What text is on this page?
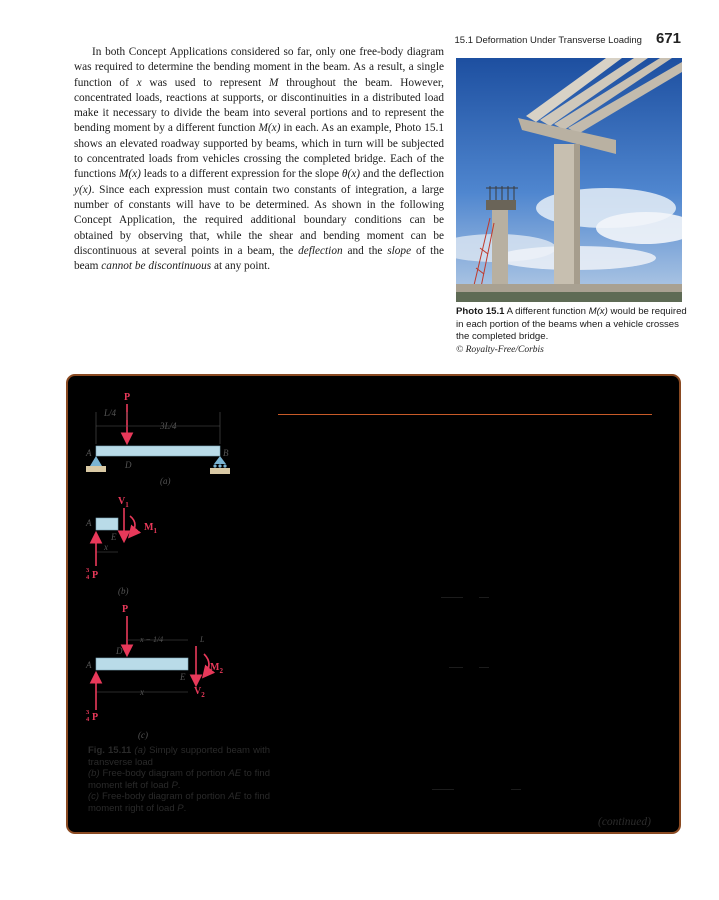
15.1 Deformation Under Transverse Loading 671

In both Concept Applications considered so far, only one free-body diagram was required to determine the bending moment in the beam. As a result, a single function of x was used to represent M throughout the beam. However, concentrated loads, reactions at supports, or discontinuities in a distributed load make it necessary to divide the beam into several portions and to represent the bending moment by a different function M(x) in each. As an example, Photo 15.1 shows an elevated roadway supported by beams, which in turn will be subjected to concentrated loads from vehicles crossing the completed bridge. Each of the functions M(x) leads to a different expression for the slope θ(x) and the deflection y(x). Since each expression must contain two constants of integration, a large number of constants will have to be determined. As shown in the following Concept Application, the required additional boundary conditions can be obtained by observing that, while the shear and bending moment can be discontinuous at several points in a beam, the deflection and the slope of the beam cannot be discontinuous at any point.

Photo 15.1 A different function M(x) would be required in each portion of the beams when a vehicle crosses the completed bridge.
© Royalty-Free/Corbis
P
L/4
3L/4
A	B
D
(a)
$V_1$
$M_1$
A
E
x
3
4 P
(b)
P
x − 1/4	L
D
A
E
$M_2$
$V_2$
x
3
4 P
(c)
Fig. 15.11 (a) Simply supported beam with transverse load
(b) Free-body diagram of portion AE to find moment left of load P.
(c) Free-body diagram of portion AE to find moment right of load P.
(continued)
